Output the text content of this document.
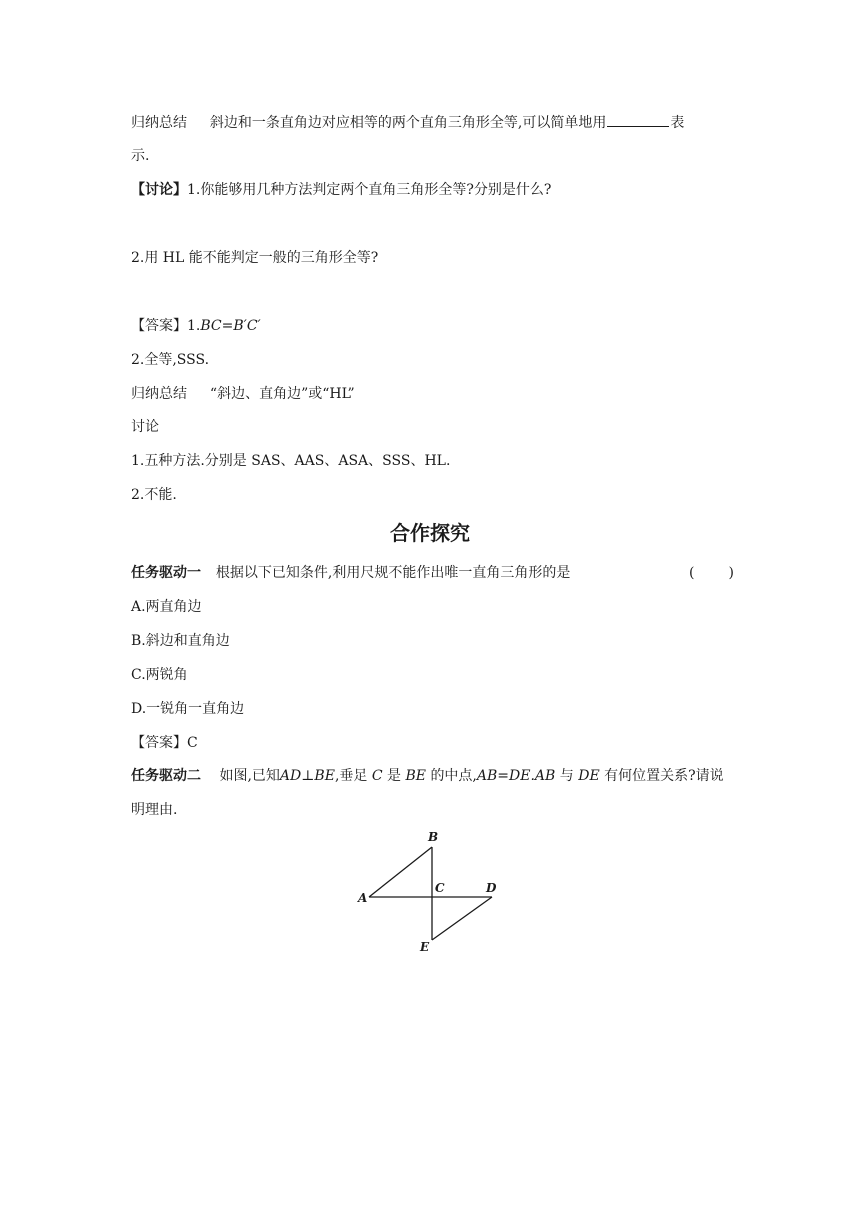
归纳总结 斜边和一条直角边对应相等的两个直角三角形全等,可以简单地用	表
示.
【讨论】1.你能够用几种方法判定两个直角三角形全等?分别是什么?
2.用 HL 能不能判定一般的三角形全等?
【答案】1.BC=B′C′
2.全等,SSS.
归纳总结 “斜边、直角边”或“HL”
讨论
1.五种方法.分别是 SAS、AAS、ASA、SSS、HL.
2.不能.
合作探究
任务驱动一 根据以下已知条件,利用尺规不能作出唯一直角三角形的是	( )
A.两直角边
B.斜边和直角边
C.两锐角
D.一锐角一直角边
【答案】C
任务驱动二 如图,已知AD⊥BE,垂足 C 是 BE 的中点,AB=DE.AB 与 DE 有何位置关系?请说
明理由.
B
A
C	D
E
